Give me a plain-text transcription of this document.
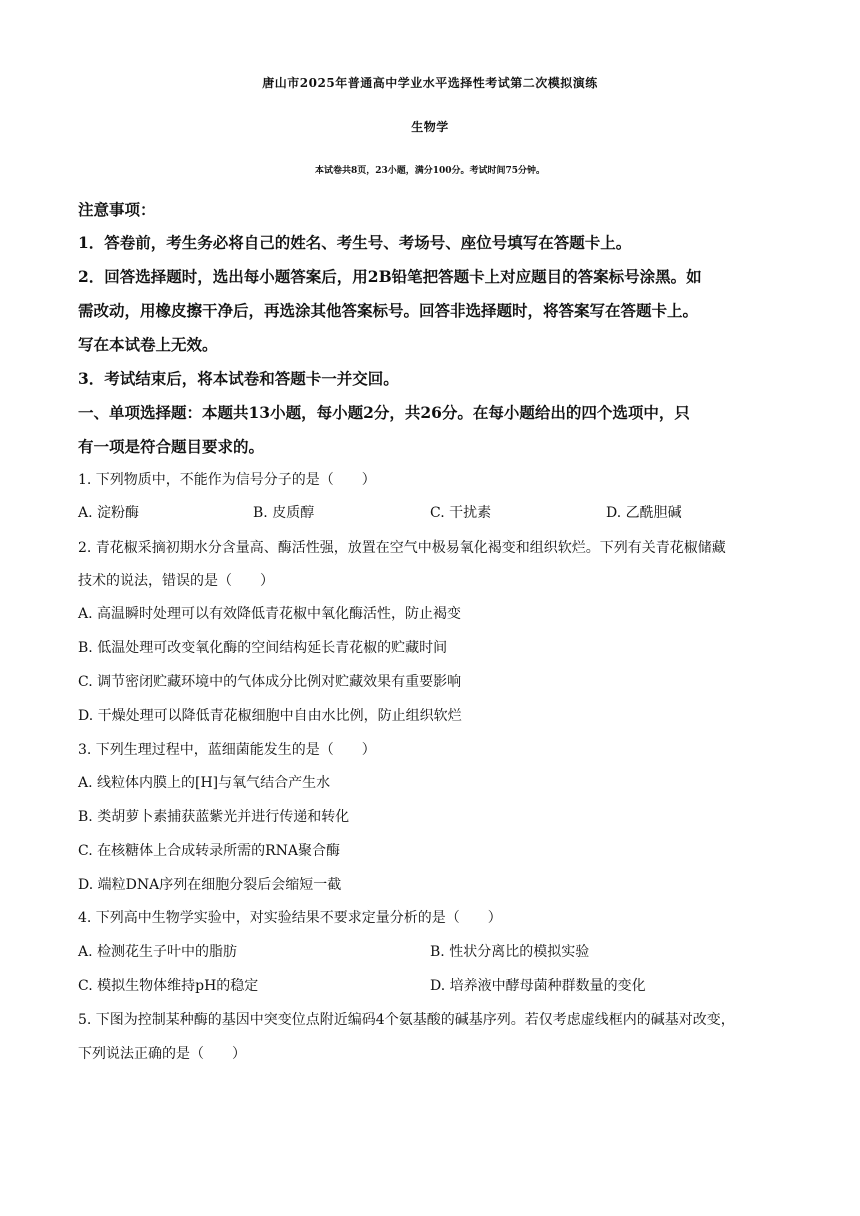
唐山市2025年普通高中学业水平选择性考试第二次模拟演练
生物学
本试卷共8页，23小题，满分100分。考试时间75分钟。
注意事项：
1．答卷前，考生务必将自己的姓名、考生号、考场号、座位号填写在答题卡上。
2．回答选择题时，选出每小题答案后，用2B铅笔把答题卡上对应题目的答案标号涂黑。如
需改动，用橡皮擦干净后，再选涂其他答案标号。回答非选择题时，将答案写在答题卡上。
写在本试卷上无效。
3．考试结束后，将本试卷和答题卡一并交回。
一、单项选择题：本题共13小题，每小题2分，共26分。在每小题给出的四个选项中，只
有一项是符合题目要求的。
1. 下列物质中，不能作为信号分子的是（　　）
A. 淀粉酶	B. 皮质醇	C. 干扰素	D. 乙酰胆碱
2. 青花椒采摘初期水分含量高、酶活性强，放置在空气中极易氧化褐变和组织软烂。下列有关青花椒储藏
技术的说法，错误的是（　　）
A. 高温瞬时处理可以有效降低青花椒中氧化酶活性，防止褐变
B. 低温处理可改变氧化酶的空间结构延长青花椒的贮藏时间
C. 调节密闭贮藏环境中的气体成分比例对贮藏效果有重要影响
D. 干燥处理可以降低青花椒细胞中自由水比例，防止组织软烂
3. 下列生理过程中，蓝细菌能发生的是（　　）
A. 线粒体内膜上的[H]与氧气结合产生水
B. 类胡萝卜素捕获蓝紫光并进行传递和转化
C. 在核糖体上合成转录所需的RNA聚合酶
D. 端粒DNA序列在细胞分裂后会缩短一截
4. 下列高中生物学实验中，对实验结果不要求定量分析的是（　　）
A. 检测花生子叶中的脂肪	B. 性状分离比的模拟实验
C. 模拟生物体维持pH的稳定	D. 培养液中酵母菌种群数量的变化
5. 下图为控制某种酶的基因中突变位点附近编码4个氨基酸的碱基序列。若仅考虑虚线框内的碱基对改变，
下列说法正确的是（　　）
